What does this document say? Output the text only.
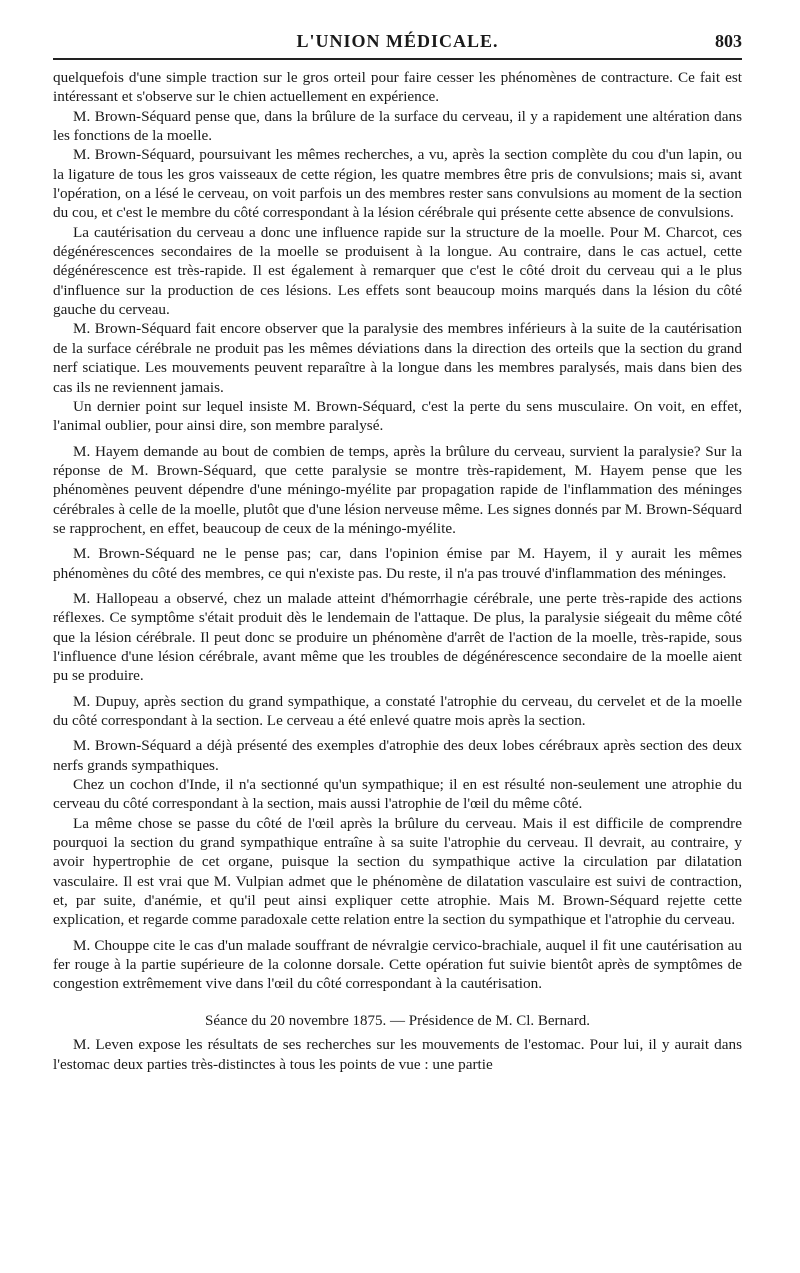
L'UNION MÉDICALE.	803

quelquefois d'une simple traction sur le gros orteil pour faire cesser les phénomènes de contracture. Ce fait est intéressant et s'observe sur le chien actuellement en expérience.

M. Brown-Séquard pense que, dans la brûlure de la surface du cerveau, il y a rapidement une altération dans les fonctions de la moelle.

M. Brown-Séquard, poursuivant les mêmes recherches, a vu, après la section complète du cou d'un lapin, ou la ligature de tous les gros vaisseaux de cette région, les quatre membres être pris de convulsions; mais si, avant l'opération, on a lésé le cerveau, on voit parfois un des membres rester sans convulsions au moment de la section du cou, et c'est le membre du côté correspondant à la lésion cérébrale qui présente cette absence de convulsions.

La cautérisation du cerveau a donc une influence rapide sur la structure de la moelle. Pour M. Charcot, ces dégénérescences secondaires de la moelle se produisent à la longue. Au contraire, dans le cas actuel, cette dégénérescence est très-rapide. Il est également à remarquer que c'est le côté droit du cerveau qui a le plus d'influence sur la production de ces lésions. Les effets sont beaucoup moins marqués dans la lésion du côté gauche du cerveau.

M. Brown-Séquard fait encore observer que la paralysie des membres inférieurs à la suite de la cautérisation de la surface cérébrale ne produit pas les mêmes déviations dans la direction des orteils que la section du grand nerf sciatique. Les mouvements peuvent reparaître à la longue dans les membres paralysés, mais dans bien des cas ils ne reviennent jamais.

Un dernier point sur lequel insiste M. Brown-Séquard, c'est la perte du sens musculaire. On voit, en effet, l'animal oublier, pour ainsi dire, son membre paralysé.

M. Hayem demande au bout de combien de temps, après la brûlure du cerveau, survient la paralysie? Sur la réponse de M. Brown-Séquard, que cette paralysie se montre très-rapidement, M. Hayem pense que les phénomènes peuvent dépendre d'une méningo-myélite par propagation rapide de l'inflammation des méninges cérébrales à celle de la moelle, plutôt que d'une lésion nerveuse même. Les signes donnés par M. Brown-Séquard se rapprochent, en effet, beaucoup de ceux de la méningo-myélite.

M. Brown-Séquard ne le pense pas; car, dans l'opinion émise par M. Hayem, il y aurait les mêmes phénomènes du côté des membres, ce qui n'existe pas. Du reste, il n'a pas trouvé d'inflammation des méninges.

M. Hallopeau a observé, chez un malade atteint d'hémorrhagie cérébrale, une perte très-rapide des actions réflexes. Ce symptôme s'était produit dès le lendemain de l'attaque. De plus, la paralysie siégeait du même côté que la lésion cérébrale. Il peut donc se produire un phénomène d'arrêt de l'action de la moelle, très-rapide, sous l'influence d'une lésion cérébrale, avant même que les troubles de dégénérescence secondaire de la moelle aient pu se produire.

M. Dupuy, après section du grand sympathique, a constaté l'atrophie du cerveau, du cervelet et de la moelle du côté correspondant à la section. Le cerveau a été enlevé quatre mois après la section.

M. Brown-Séquard a déjà présenté des exemples d'atrophie des deux lobes cérébraux après section des deux nerfs grands sympathiques.

Chez un cochon d'Inde, il n'a sectionné qu'un sympathique; il en est résulté non-seulement une atrophie du cerveau du côté correspondant à la section, mais aussi l'atrophie de l'œil du même côté.

La même chose se passe du côté de l'œil après la brûlure du cerveau. Mais il est difficile de comprendre pourquoi la section du grand sympathique entraîne à sa suite l'atrophie du cerveau. Il devrait, au contraire, y avoir hypertrophie de cet organe, puisque la section du sympathique active la circulation par dilatation vasculaire. Il est vrai que M. Vulpian admet que le phénomène de dilatation vasculaire est suivi de contraction, et, par suite, d'anémie, et qu'il peut ainsi expliquer cette atrophie. Mais M. Brown-Séquard rejette cette explication, et regarde comme paradoxale cette relation entre la section du sympathique et l'atrophie du cerveau.

M. Chouppe cite le cas d'un malade souffrant de névralgie cervico-brachiale, auquel il fit une cautérisation au fer rouge à la partie supérieure de la colonne dorsale. Cette opération fut suivie bientôt après de symptômes de congestion extrêmement vive dans l'œil du côté correspondant à la cautérisation.

Séance du 20 novembre 1875. — Présidence de M. Cl. Bernard.

M. Leven expose les résultats de ses recherches sur les mouvements de l'estomac. Pour lui, il y aurait dans l'estomac deux parties très-distinctes à tous les points de vue : une partie
